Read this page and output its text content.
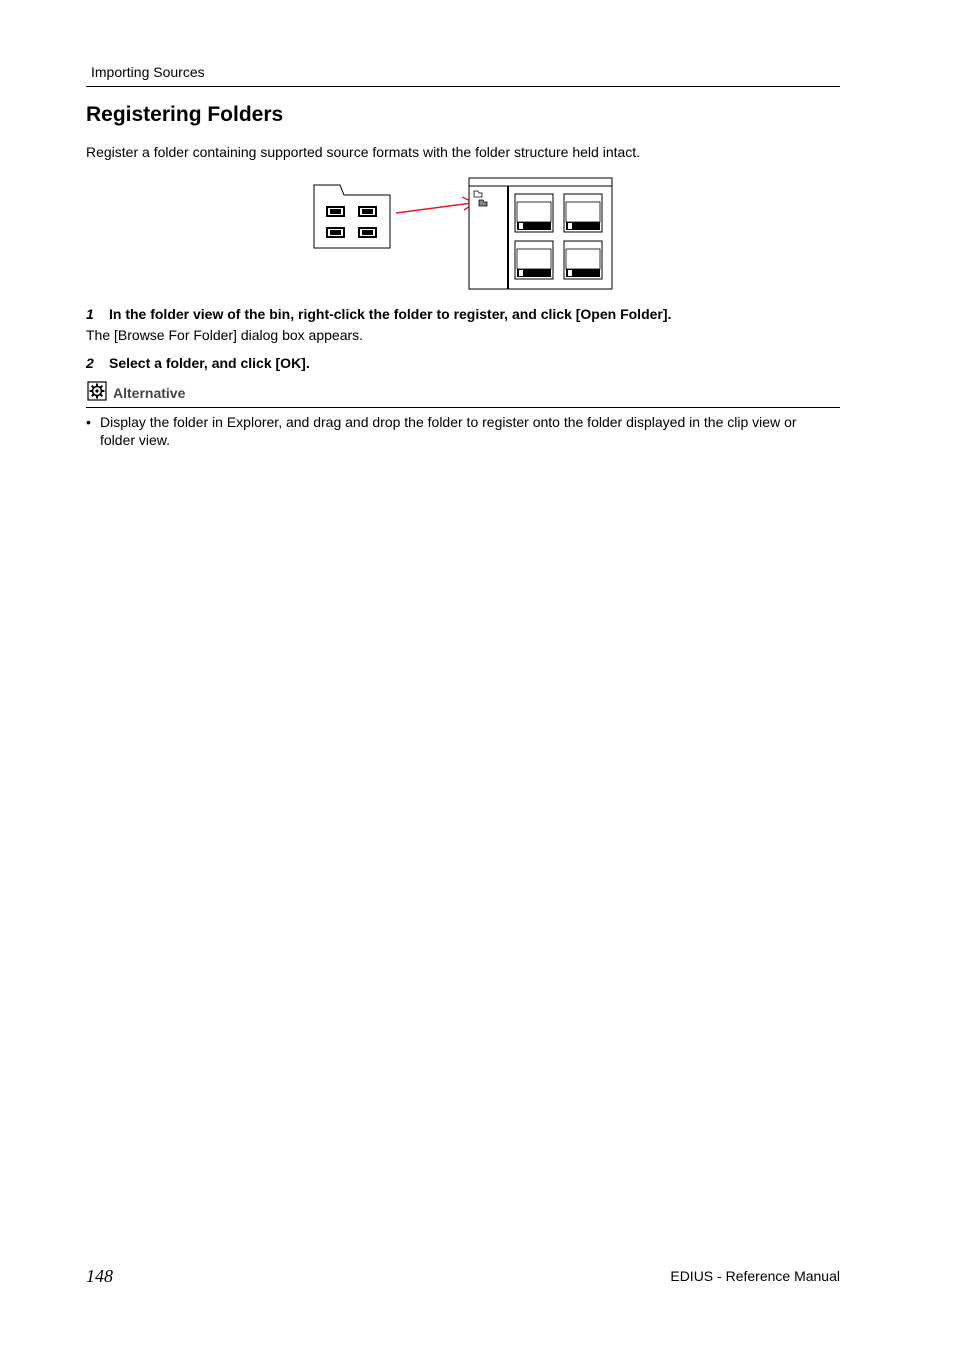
Importing Sources
Registering Folders

Register a folder containing supported source formats with the folder structure held intact.

1 In the folder view of the bin, right-click the folder to register, and click [Open Folder].

The [Browse For Folder] dialog box appears.

2 Select a folder, and click [OK].
Alternative
• Display the folder in Explorer, and drag and drop the folder to register onto the folder displayed in the clip view or folder view.
148	EDIUS - Reference Manual
